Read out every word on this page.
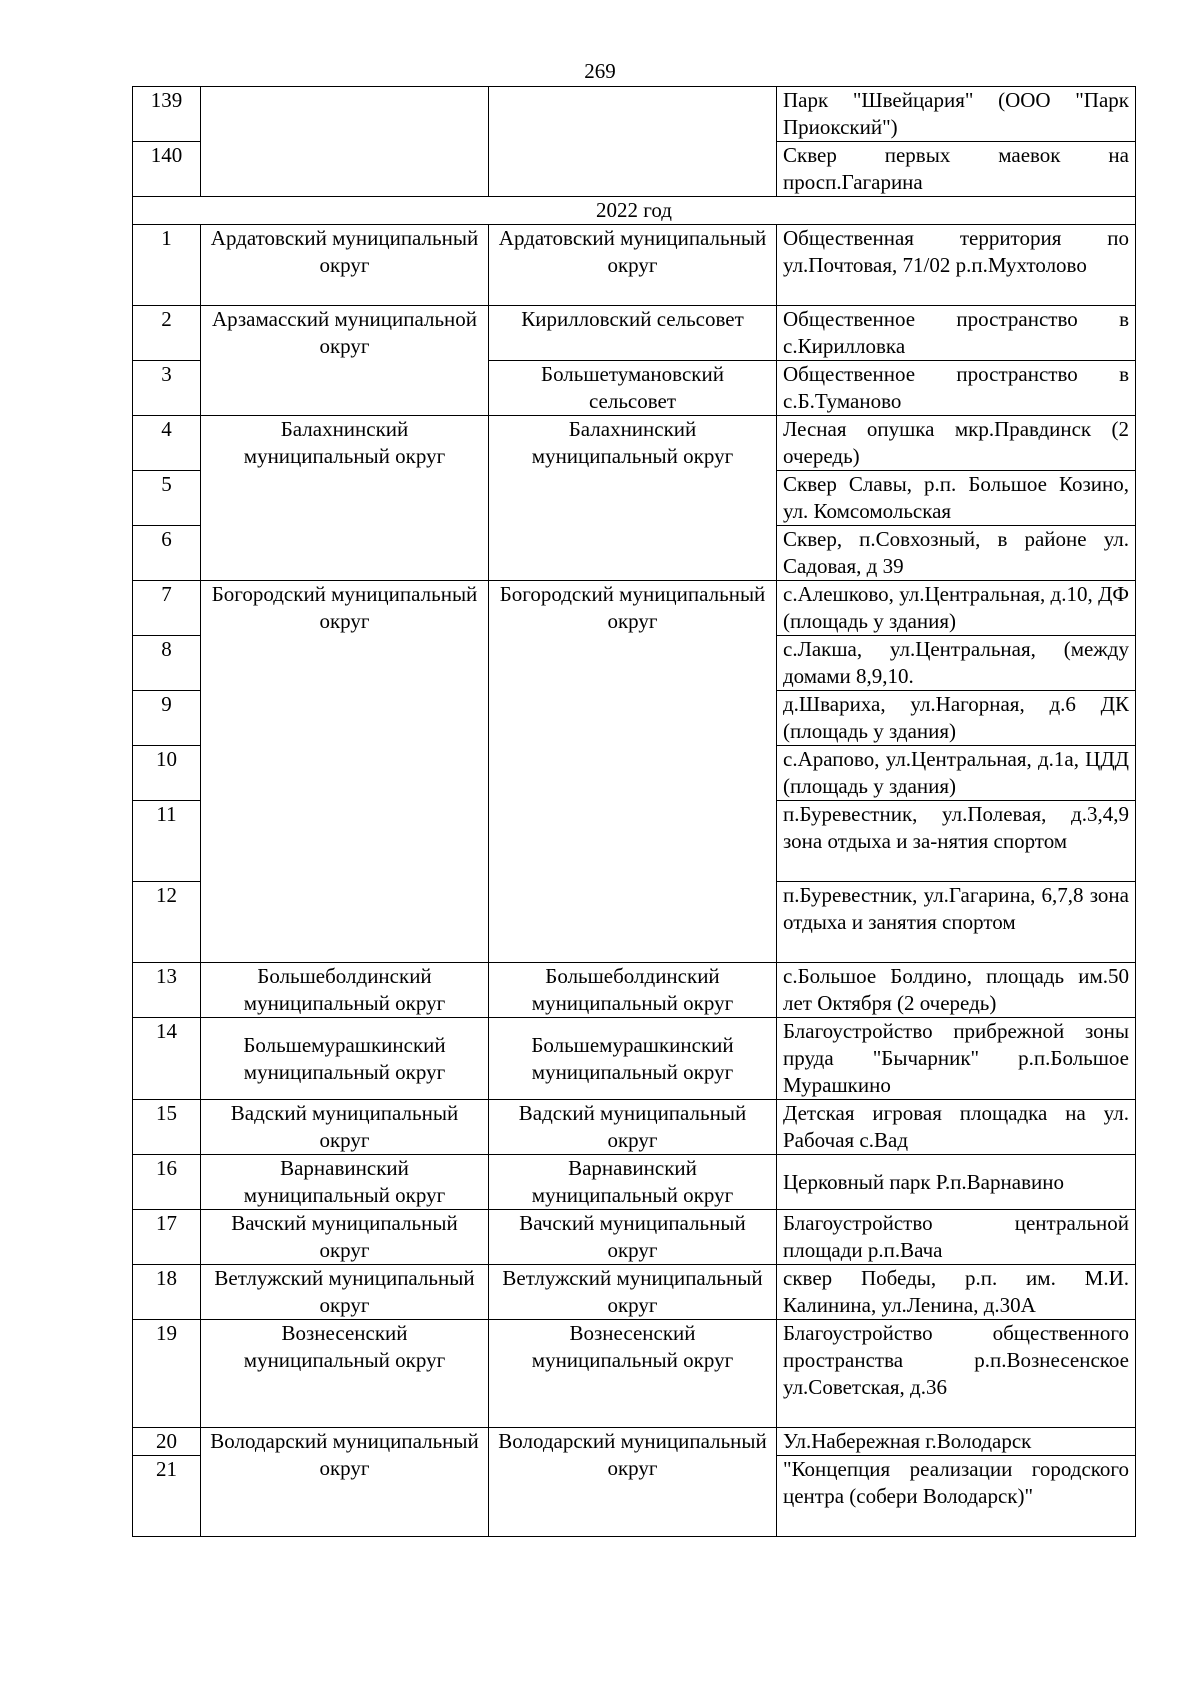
269
139			Парк "Швейцария" (ООО "Парк Приокский")
140			Сквер первых маевок на просп.Гагарина
2022 год			
1	Ардатовский муниципальный округ	Ардатовский муниципальный округ	Общественная территория по ул.Почтовая, 71/02 р.п.Мухтолово
2	Арзамасский муниципальной округ	Кирилловский сельсовет	Общественное пространство в с.Кирилловка
3		Большетумановский сельсовет	Общественное пространство в с.Б.Туманово
4	Балахнинский муниципальный округ	Балахнинский муниципальный округ	Лесная опушка мкр.Правдинск (2 очередь)
5			Сквер Славы, р.п. Большое Козино, ул. Комсомольская
6			Сквер, п.Совхозный, в районе ул. Садовая, д 39
7	Богородский муниципальный округ	Богородский муниципальный округ	с.Алешково, ул.Центральная, д.10, ДФ (площадь у здания)
8			с.Лакша, ул.Центральная, (между домами 8,9,10.
9			д.Швариха, ул.Нагорная, д.6 ДК (площадь у здания)
10			с.Арапово, ул.Центральная, д.1а, ЦДД (площадь у здания)
11			п.Буревестник, ул.Полевая, д.3,4,9 зона отдыха и за-нятия спортом
12			п.Буревестник, ул.Гагарина, 6,7,8 зона отдыха и занятия спортом
13	Большеболдинский муниципальный округ	Большеболдинский муниципальный округ	с.Большое Болдино, площадь им.50 лет Октября (2 очередь)
14	Большемурашкинский муниципальный округ	Большемурашкинский муниципальный округ	Благоустройство прибрежной зоны пруда "Бычарник" р.п.Большое Мурашкино
15	Вадский муниципальный округ	Вадский муниципальный округ	Детская игровая площадка на ул. Рабочая с.Вад
16	Варнавинский муниципальный округ	Варнавинский муниципальный округ	Церковный парк Р.п.Варнавино
17	Вачский муниципальный округ	Вачский муниципальный округ	Благоустройство центральной площади р.п.Вача
18	Ветлужский муниципальный округ	Ветлужский муниципальный округ	сквер Победы, р.п. им. М.И. Калинина, ул.Ленина, д.30А
19	Вознесенский муниципальный округ	Вознесенский муниципальный округ	Благоустройство общественного пространства р.п.Вознесенское ул.Советская, д.36
20	Володарский муниципальный округ	Володарский муниципальный округ	Ул.Набережная г.Володарск
21			"Концепция реализации городского центра (собери Володарск)"
